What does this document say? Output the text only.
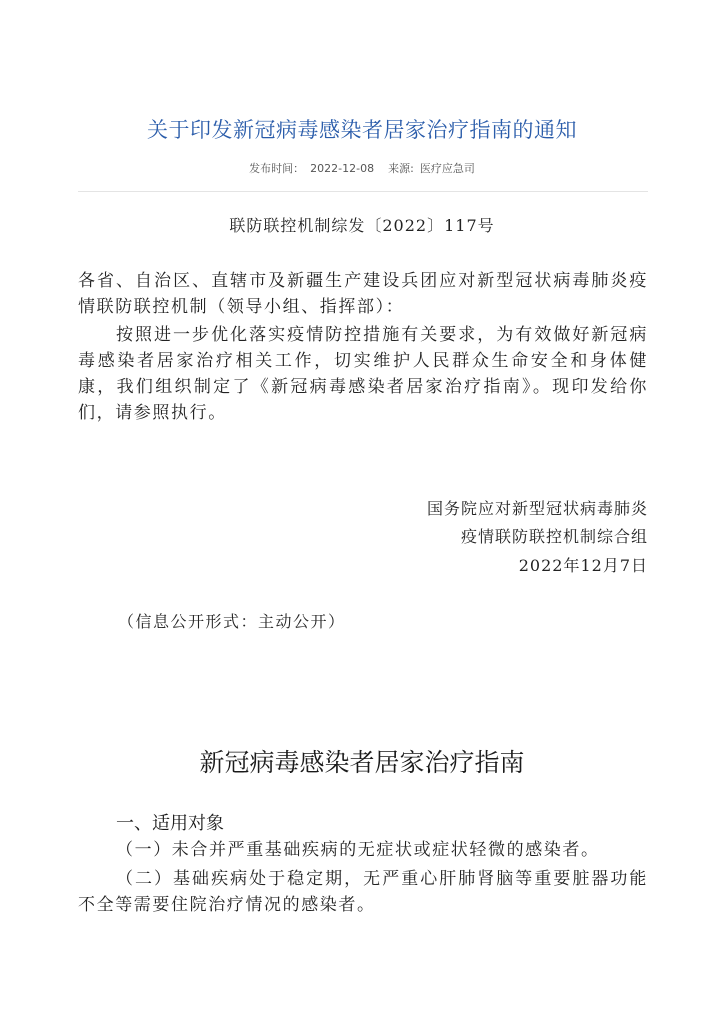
关于印发新冠病毒感染者居家治疗指南的通知
发布时间： 2022-12-08 来源: 医疗应急司
联防联控机制综发〔2022〕117号

各省、自治区、直辖市及新疆生产建设兵团应对新型冠状病毒肺炎疫情联防联控机制（领导小组、指挥部）：

按照进一步优化落实疫情防控措施有关要求，为有效做好新冠病毒感染者居家治疗相关工作，切实维护人民群众生命安全和身体健康，我们组织制定了《新冠病毒感染者居家治疗指南》。现印发给你们，请参照执行。

国务院应对新型冠状病毒肺炎
疫情联防联控机制综合组
2022年12月7日
（信息公开形式：主动公开）
新冠病毒感染者居家治疗指南
一、适用对象

（一）未合并严重基础疾病的无症状或症状轻微的感染者。

（二）基础疾病处于稳定期，无严重心肝肺肾脑等重要脏器功能不全等需要住院治疗情况的感染者。
